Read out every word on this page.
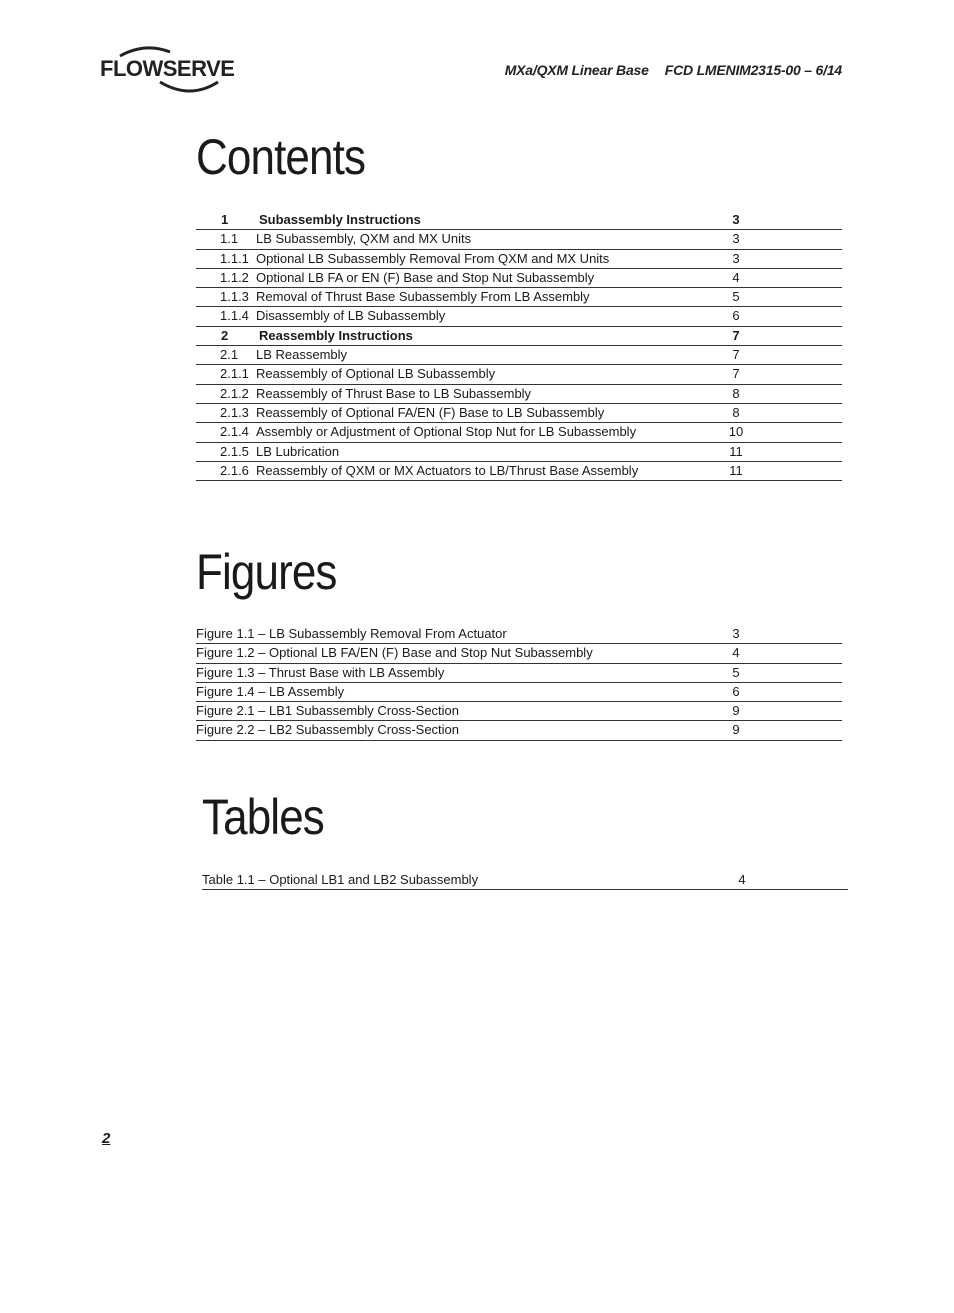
FLOWSERVE	MXa/QXM Linear Base FCD LMENIM2315-00 – 6/14
Contents
1 Subassembly Instructions	3
1.1 LB Subassembly, QXM and MX Units	3
1.1.1 Optional LB Subassembly Removal From QXM and MX Units	3
1.1.2 Optional LB FA or EN (F) Base and Stop Nut Subassembly	4
1.1.3 Removal of Thrust Base Subassembly From LB Assembly	5
1.1.4 Disassembly of LB Subassembly	6
2 Reassembly Instructions	7
2.1 LB Reassembly	7
2.1.1 Reassembly of Optional LB Subassembly	7
2.1.2 Reassembly of Thrust Base to LB Subassembly	8
2.1.3 Reassembly of Optional FA/EN (F) Base to LB Subassembly	8
2.1.4 Assembly or Adjustment of Optional Stop Nut for LB Subassembly	10
2.1.5 LB Lubrication	11
2.1.6 Reassembly of QXM or MX Actuators to LB/Thrust Base Assembly	11
Figures
Figure 1.1 – LB Subassembly Removal From Actuator	3
Figure 1.2 – Optional LB FA/EN (F) Base and Stop Nut Subassembly	4
Figure 1.3 – Thrust Base with LB Assembly	5
Figure 1.4 – LB Assembly	6
Figure 2.1 – LB1 Subassembly Cross-Section	9
Figure 2.2 – LB2 Subassembly Cross-Section	9
Tables
Table 1.1 – Optional LB1 and LB2 Subassembly	4
2
